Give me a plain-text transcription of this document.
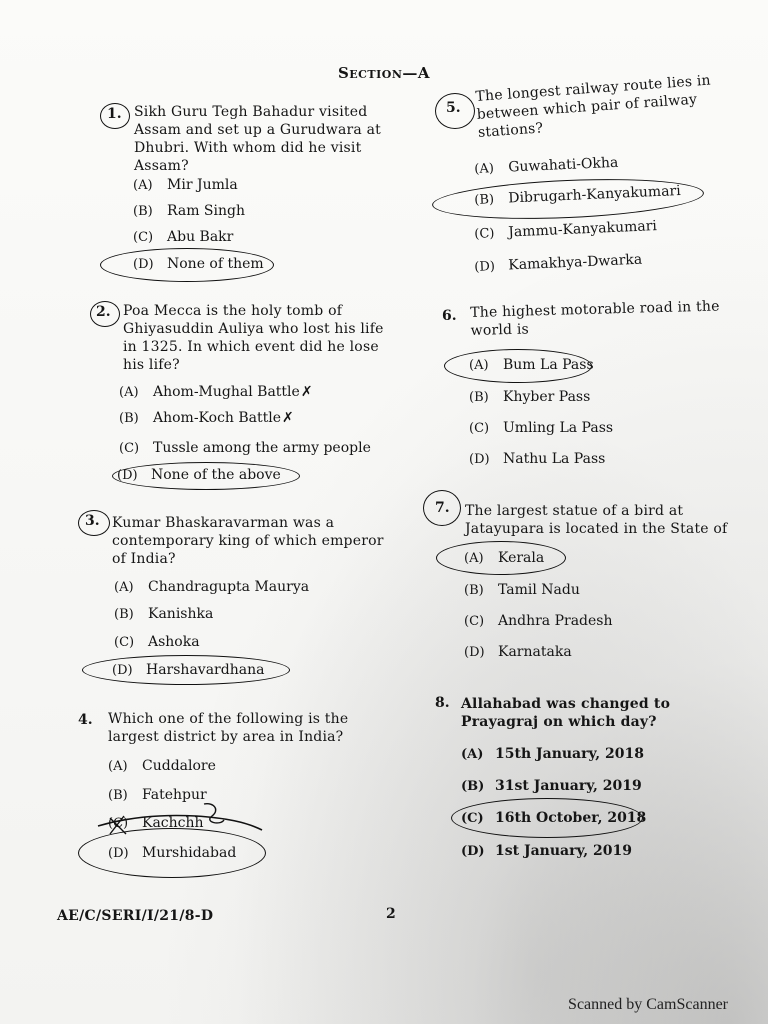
Section—A
1. Sikh Guru Tegh Bahadur visited Assam and set up a Gurudwara at Dhubri. With whom did he visit Assam?
(A) Mir Jumla
(B) Ram Singh
(C) Abu Bakr
(D) None of them
2. Poa Mecca is the holy tomb of Ghiyasuddin Auliya who lost his life in 1325. In which event did he lose his life?
(A) Ahom-Mughal Battle✗
(B) Ahom-Koch Battle✗
(C) Tussle among the army people
(D) None of the above
3. Kumar Bhaskaravarman was a contemporary king of which emperor of India?
(A) Chandragupta Maurya
(B) Kanishka
(C) Ashoka
(D) Harshavardhana
4. Which one of the following is the largest district by area in India?
(A) Cuddalore
(B) Fatehpur
(C) Kachchh
(D) Murshidabad
5.
The longest railway route lies in between which pair of railway stations?
(A) Guwahati-Okha
(B) Dibrugarh-Kanyakumari
(C) Jammu-Kanyakumari
(D) Kamakhya-Dwarka
6. The highest motorable road in the world is
(A) Bum La Pass
(B) Khyber Pass
(C) Umling La Pass
(D) Nathu La Pass
7. The largest statue of a bird at Jatayupara is located in the State of
(A) Kerala
(B) Tamil Nadu
(C) Andhra Pradesh
(D) Karnataka
8. Allahabad was changed to Prayagraj on which day?
(A) 15th January, 2018
(B) 31st January, 2019
(C) 16th October, 2018
(D) 1st January, 2019
AE/C/SERI/I/21/8-D	2
Scanned by CamScanner
